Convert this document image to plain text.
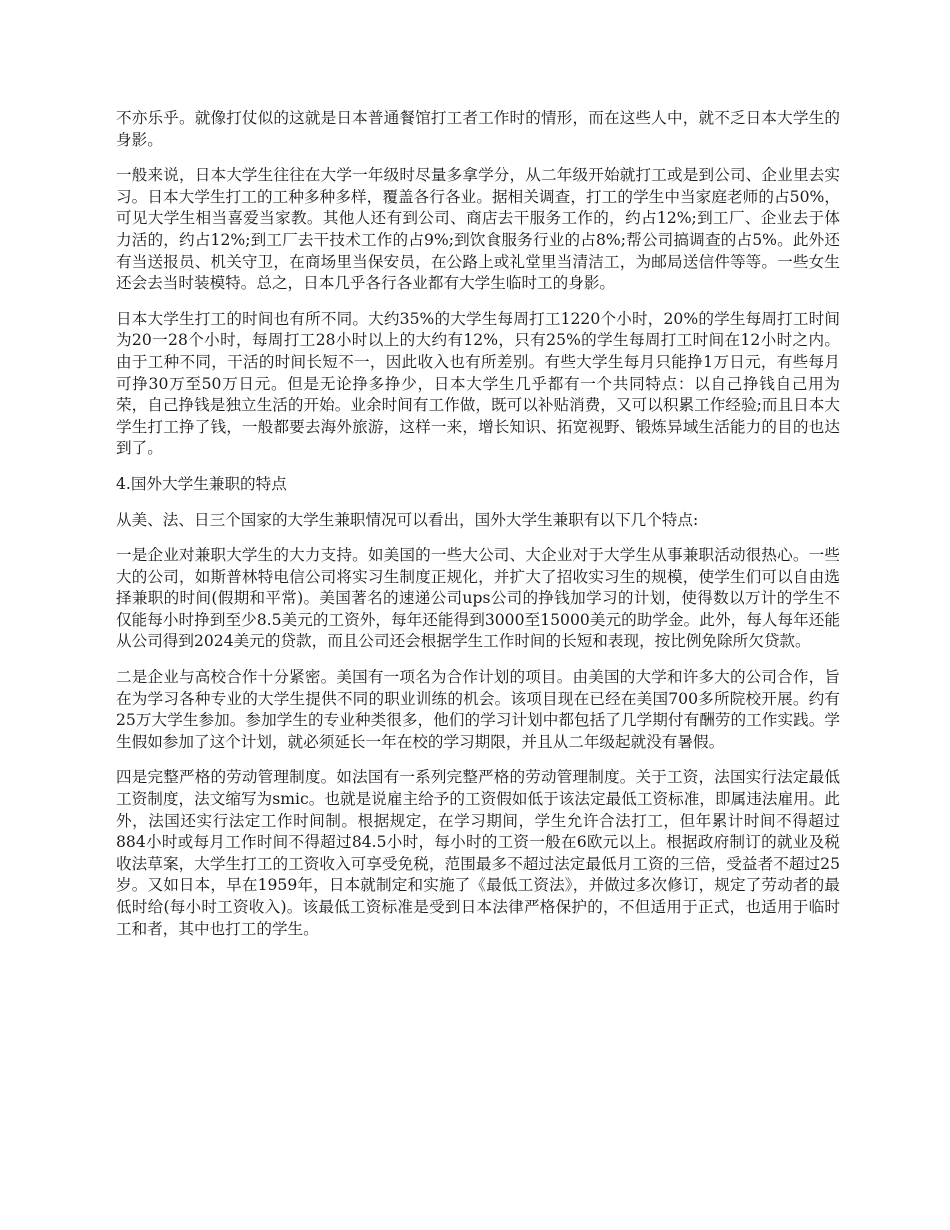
不亦乐乎。就像打仗似的这就是日本普通餐馆打工者工作时的情形，而在这些人中，就不乏日本大学生的身影。

一般来说，日本大学生往往在大学一年级时尽量多拿学分，从二年级开始就打工或是到公司、企业里去实习。日本大学生打工的工种多种多样，覆盖各行各业。据相关调查，打工的学生中当家庭老师的占50%，可见大学生相当喜爱当家教。其他人还有到公司、商店去干服务工作的，约占12%;到工厂、企业去于体力活的，约占12%;到工厂去干技术工作的占9%;到饮食服务行业的占8%;帮公司搞调查的占5%。此外还有当送报员、机关守卫，在商场里当保安员，在公路上或礼堂里当清洁工，为邮局送信件等等。一些女生还会去当时装模特。总之，日本几乎各行各业都有大学生临时工的身影。

日本大学生打工的时间也有所不同。大约35%的大学生每周打工1220个小时，20%的学生每周打工时间为20一28个小时，每周打工28小时以上的大约有12%，只有25%的学生每周打工时间在12小时之内。由于工种不同，干活的时间长短不一，因此收入也有所差别。有些大学生每月只能挣1万日元，有些每月可挣30万至50万日元。但是无论挣多挣少，日本大学生几乎都有一个共同特点：以自己挣钱自己用为荣，自己挣钱是独立生活的开始。业余时间有工作做，既可以补贴消费，又可以积累工作经验;而且日本大学生打工挣了钱，一般都要去海外旅游，这样一来，增长知识、拓宽视野、锻炼异域生活能力的目的也达到了。

4.国外大学生兼职的特点

从美、法、日三个国家的大学生兼职情况可以看出，国外大学生兼职有以下几个特点:

一是企业对兼职大学生的大力支持。如美国的一些大公司、大企业对于大学生从事兼职活动很热心。一些大的公司，如斯普林特电信公司将实习生制度正规化，并扩大了招收实习生的规模，使学生们可以自由选择兼职的时间(假期和平常)。美国著名的速递公司ups公司的挣钱加学习的计划，使得数以万计的学生不仅能每小时挣到至少8.5美元的工资外，每年还能得到3000至15000美元的助学金。此外，每人每年还能从公司得到2024美元的贷款，而且公司还会根据学生工作时间的长短和表现，按比例免除所欠贷款。

二是企业与高校合作十分紧密。美国有一项名为合作计划的项目。由美国的大学和许多大的公司合作，旨在为学习各种专业的大学生提供不同的职业训练的机会。该项目现在已经在美国700多所院校开展。约有25万大学生参加。参加学生的专业种类很多，他们的学习计划中都包括了几学期付有酬劳的工作实践。学生假如参加了这个计划，就必须延长一年在校的学习期限，并且从二年级起就没有暑假。

四是完整严格的劳动管理制度。如法国有一系列完整严格的劳动管理制度。关于工资，法国实行法定最低工资制度，法文缩写为smic。也就是说雇主给予的工资假如低于该法定最低工资标准，即属违法雇用。此外，法国还实行法定工作时间制。根据规定，在学习期间，学生允许合法打工，但年累计时间不得超过884小时或每月工作时间不得超过84.5小时，每小时的工资一般在6欧元以上。根据政府制订的就业及税收法草案，大学生打工的工资收入可享受免税，范围最多不超过法定最低月工资的三倍，受益者不超过25岁。又如日本，早在1959年，日本就制定和实施了《最低工资法》，并做过多次修订，规定了劳动者的最低时给(每小时工资收入)。该最低工资标准是受到日本法律严格保护的，不但适用于正式，也适用于临时工和者，其中也打工的学生。
